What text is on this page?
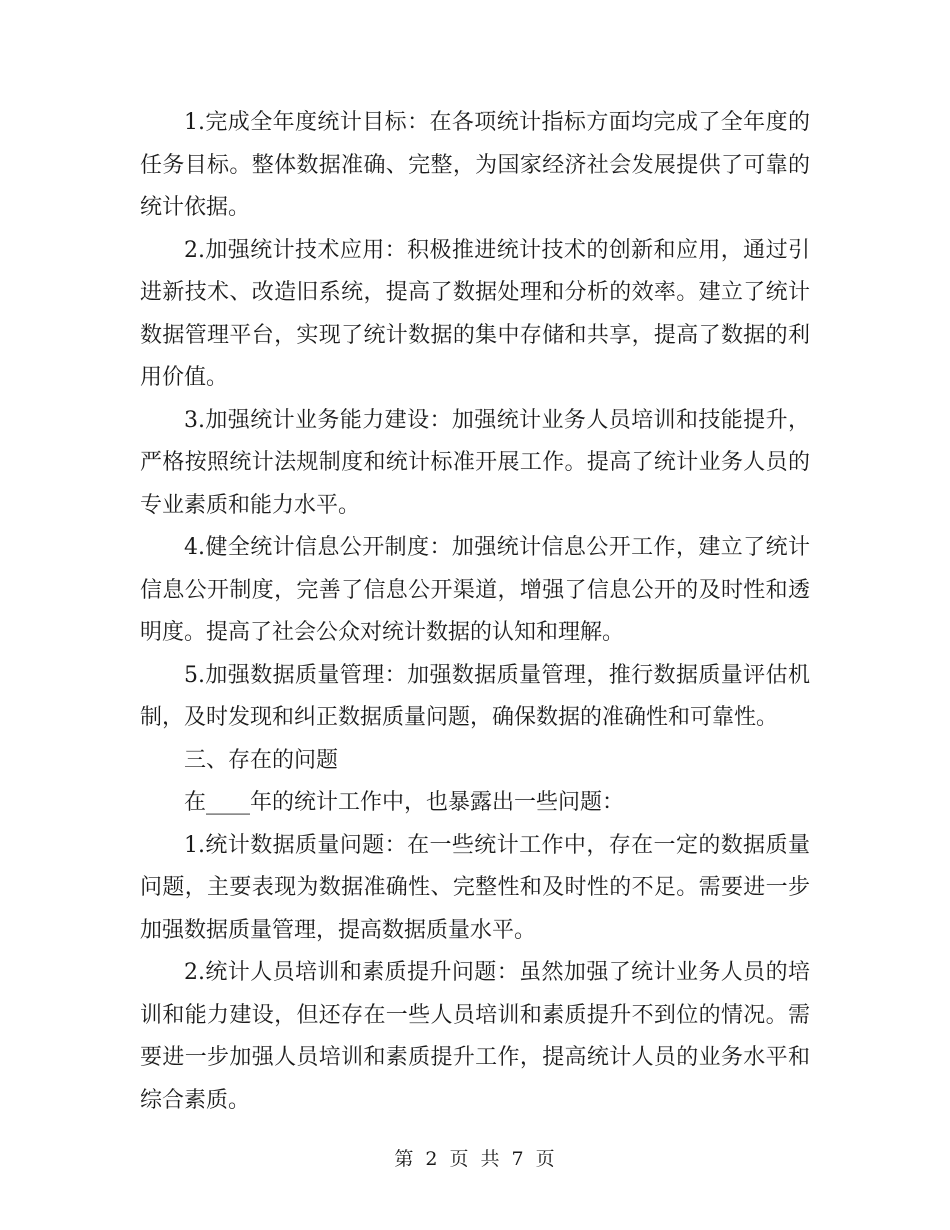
1.完成全年度统计目标：在各项统计指标方面均完成了全年度的任务目标。整体数据准确、完整，为国家经济社会发展提供了可靠的统计依据。

2.加强统计技术应用：积极推进统计技术的创新和应用，通过引进新技术、改造旧系统，提高了数据处理和分析的效率。建立了统计数据管理平台，实现了统计数据的集中存储和共享，提高了数据的利用价值。

3.加强统计业务能力建设：加强统计业务人员培训和技能提升，严格按照统计法规制度和统计标准开展工作。提高了统计业务人员的专业素质和能力水平。

4.健全统计信息公开制度：加强统计信息公开工作，建立了统计信息公开制度，完善了信息公开渠道，增强了信息公开的及时性和透明度。提高了社会公众对统计数据的认知和理解。

5.加强数据质量管理：加强数据质量管理，推行数据质量评估机制，及时发现和纠正数据质量问题，确保数据的准确性和可靠性。

三、存在的问题

在____年的统计工作中，也暴露出一些问题：

1.统计数据质量问题：在一些统计工作中，存在一定的数据质量问题，主要表现为数据准确性、完整性和及时性的不足。需要进一步加强数据质量管理，提高数据质量水平。

2.统计人员培训和素质提升问题：虽然加强了统计业务人员的培训和能力建设，但还存在一些人员培训和素质提升不到位的情况。需要进一步加强人员培训和素质提升工作，提高统计人员的业务水平和综合素质。

第 2 页 共 7 页
